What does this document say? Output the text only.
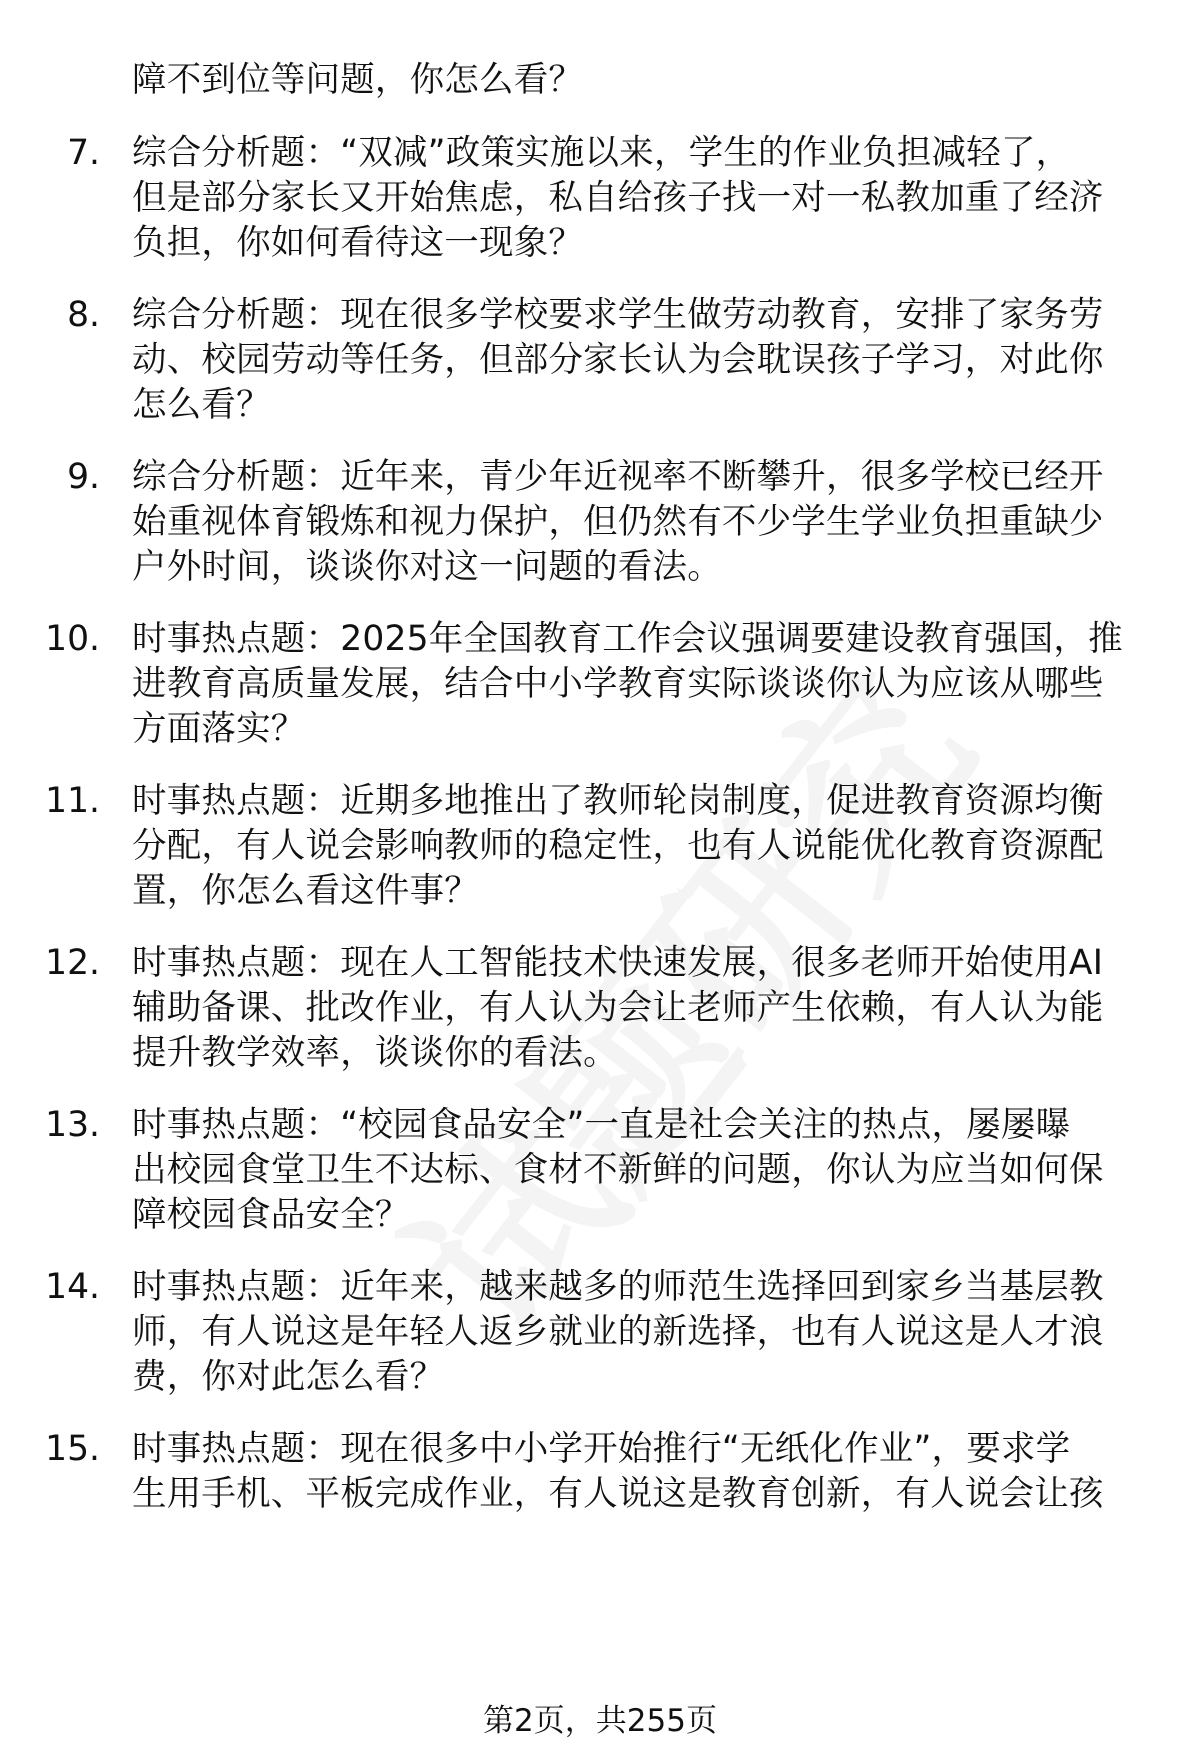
障不到位等问题，你怎么看？
7. 综合分析题：“双减”政策实施以来，学生的作业负担减轻了，
但是部分家长又开始焦虑，私自给孩子找一对一私教加重了经济
负担，你如何看待这一现象？
8. 综合分析题：现在很多学校要求学生做劳动教育，安排了家务劳
动、校园劳动等任务，但部分家长认为会耽误孩子学习，对此你
怎么看？
9. 综合分析题：近年来，青少年近视率不断攀升，很多学校已经开
始重视体育锻炼和视力保护，但仍然有不少学生学业负担重缺少
户外时间，谈谈你对这一问题的看法。
10. 时事热点题：2025年全国教育工作会议强调要建设教育强国，推
进教育高质量发展，结合中小学教育实际谈谈你认为应该从哪些
方面落实？
11. 时事热点题：近期多地推出了教师轮岗制度，促进教育资源均衡
分配，有人说会影响教师的稳定性，也有人说能优化教育资源配
置，你怎么看这件事？
12. 时事热点题：现在人工智能技术快速发展，很多老师开始使用AI
辅助备课、批改作业，有人认为会让老师产生依赖，有人认为能
提升教学效率，谈谈你的看法。
13. 时事热点题：“校园食品安全”一直是社会关注的热点，屡屡曝
出校园食堂卫生不达标、食材不新鲜的问题，你认为应当如何保
障校园食品安全？
14. 时事热点题：近年来，越来越多的师范生选择回到家乡当基层教
师，有人说这是年轻人返乡就业的新选择，也有人说这是人才浪
费，你对此怎么看？
15. 时事热点题：现在很多中小学开始推行“无纸化作业”，要求学
生用手机、平板完成作业，有人说这是教育创新，有人说会让孩
第2页，共255页
